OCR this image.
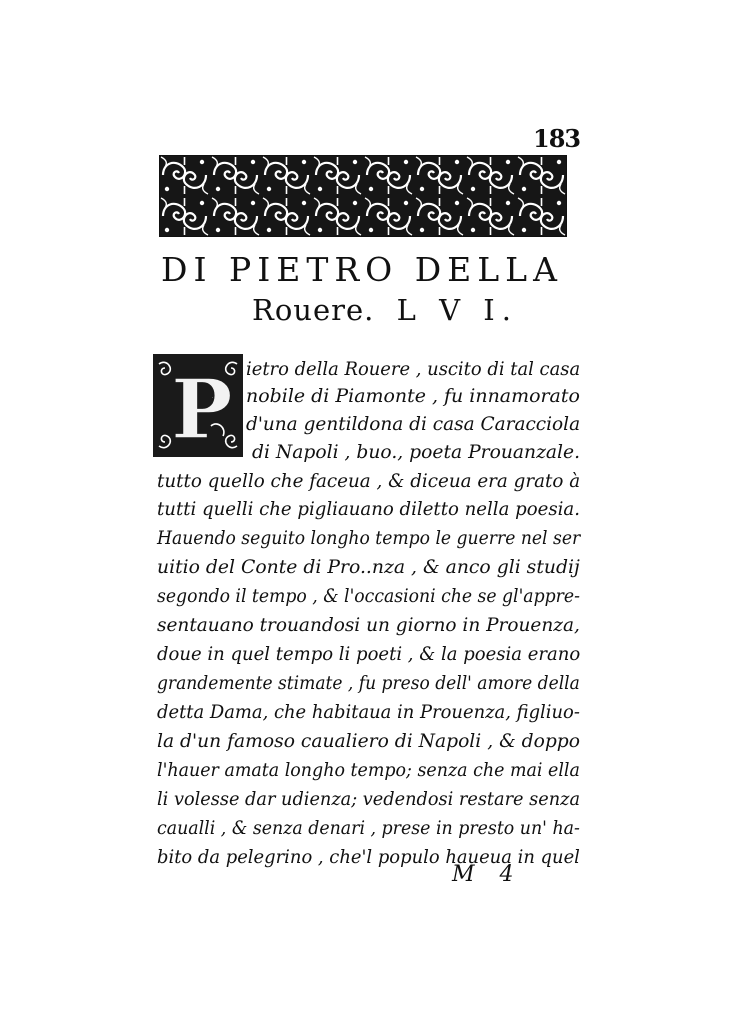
183
DI PIETRO DELLA
Rouere. L V I.
P ietro della Rouere , uscito di tal casa
nobile di Piamonte , fu innamorato
d'una gentildona di casa Caracciola
di Napoli , buo., poeta Prouanzale.
tutto quello che faceua , & diceua era grato à
tutti quelli che pigliauano diletto nella poesia.
Hauendo seguito longho tempo le guerre nel ser
uitio del Conte di Pro..nza , & anco gli studij
segondo il tempo , & l'occasioni che se gl'appre-
sentauano trouandosi un giorno in Prouenza,
doue in quel tempo li poeti , & la poesia erano
grandemente stimate , fu preso dell' amore della
detta Dama, che habitaua in Prouenza, figliuo-
la d'un famoso caualiero di Napoli , & doppo
l'hauer amata longho tempo; senza che mai ella
li volesse dar udienza; vedendosi restare senza
caualli , & senza denari , prese in presto un' ha-
bito da pelegrino , che'l populo haueua in quel
M 4
